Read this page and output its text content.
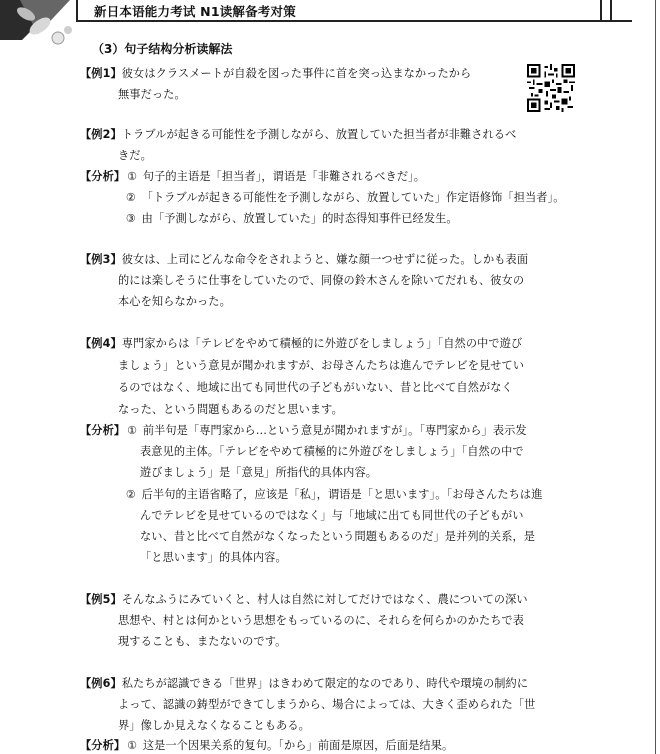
新日本语能力考试 N1读解备考对策
（3）句子结构分析读解法
【例1】彼女はクラスメートが自殺を図った事件に首を突っ込まなかったから
無事だった。
【例2】トラブルが起きる可能性を予測しながら、放置していた担当者が非難されるべ
きだ。
【分析】 ① 句子的主语是「担当者」，谓语是「非難されるべきだ」。
② 「トラブルが起きる可能性を予測しながら、放置していた」作定语修饰「担当者」。
③ 由「予測しながら、放置していた」的时态得知事件已经发生。
【例3】彼女は、上司にどんな命令をされようと、嫌な顔一つせずに従った。しかも表面
的には楽しそうに仕事をしていたので、同僚の鈴木さんを除いてだれも、彼女の
本心を知らなかった。
【例4】専門家からは「テレビをやめて積極的に外遊びをしましょう」「自然の中で遊び
ましょう」という意見が聞かれますが、お母さんたちは進んでテレビを見せてい
るのではなく、地域に出ても同世代の子どもがいない、昔と比べて自然がなく
なった、という問題もあるのだと思います。
【分析】 ① 前半句是「専門家から…という意見が聞かれますが」。「専門家から」表示发
表意见的主体。「テレビをやめて積極的に外遊びをしましょう」「自然の中で
遊びましょう」是「意見」所指代的具体内容。
② 后半句的主语省略了，应该是「私」，谓语是「と思います」。「お母さんたちは進
んでテレビを見せているのではなく」与「地域に出ても同世代の子どもがい
ない、昔と比べて自然がなくなったという問題もあるのだ」是并列的关系，是
「と思います」的具体内容。
【例5】そんなふうにみていくと、村人は自然に対してだけではなく、農についての深い
思想や、村とは何かという思想をもっているのに、それらを何らかのかたちで表
現することも、またないのです。
【例6】私たちが認識できる「世界」はきわめて限定的なのであり、時代や環境の制約に
よって、認識の鋳型ができてしまうから、場合によっては、大きく歪められた「世
界」像しか見えなくなることもある。
【分析】 ① 这是一个因果关系的复句。「から」前面是原因，后面是结果。
